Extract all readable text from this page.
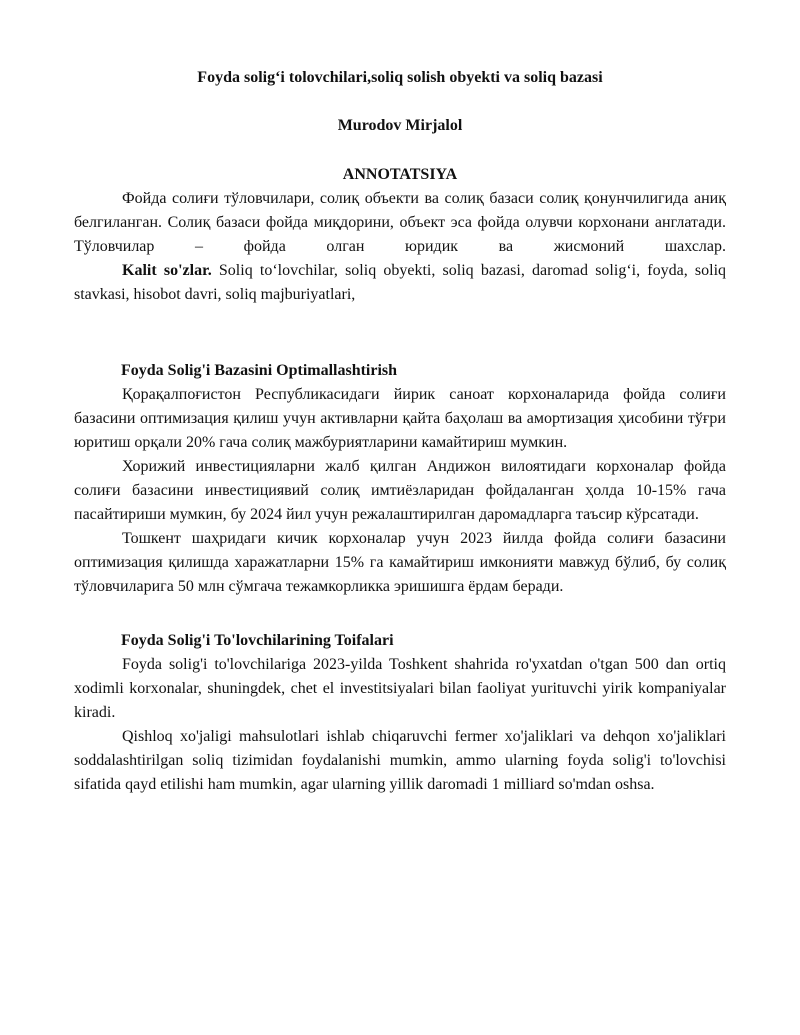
Foyda solig‘i tolovchilari,soliq solish obyekti va soliq bazasi

Murodov Mirjalol

ANNOTATSIYA

Фойда солиғи тўловчилари, солиқ объекти ва солиқ базаси солиқ қонунчилигида аниқ белгиланган. Солиқ базаси фойда миқдорини, объект эса фойда олувчи корхонани англатади. Тўловчилар – фойда олган юридик ва жисмоний шахслар.

Kalit so'zlar. Soliq to‘lovchilar, soliq obyekti, soliq bazasi, daromad solig‘i, foyda, soliq stavkasi, hisobot davri, soliq majburiyatlari,

Foyda Solig'i Bazasini Optimallashtirish

Қорақалпоғистон Республикасидаги йирик саноат корхоналарида фойда солиғи базасини оптимизация қилиш учун активларни қайта баҳолаш ва амортизация ҳисобини тўғри юритиш орқали 20% гача солиқ мажбуриятларини камайтириш мумкин.

Хорижий инвестицияларни жалб қилган Андижон вилоятидаги корхоналар фойда солиғи базасини инвестициявий солиқ имтиёзларидан фойдаланган ҳолда 10-15% гача пасайтириши мумкин, бу 2024 йил учун режалаштирилган даромадларга таъсир кўрсатади.

Тошкент шаҳридаги кичик корхоналар учун 2023 йилда фойда солиғи базасини оптимизация қилишда харажатларни 15% га камайтириш имконияти мавжуд бўлиб, бу солиқ тўловчиларига 50 млн сўмгача тежамкорликка эришишга ёрдам беради.

Foyda Solig'i To'lovchilarining Toifalari

Foyda solig'i to'lovchilariga 2023-yilda Toshkent shahrida ro'yxatdan o'tgan 500 dan ortiq xodimli korxonalar, shuningdek, chet el investitsiyalari bilan faoliyat yurituvchi yirik kompaniyalar kiradi.

Qishloq xo'jaligi mahsulotlari ishlab chiqaruvchi fermer xo'jaliklari va dehqon xo'jaliklari soddalashtirilgan soliq tizimidan foydalanishi mumkin, ammo ularning foyda solig'i to'lovchisi sifatida qayd etilishi ham mumkin, agar ularning yillik daromadi 1 milliard so'mdan oshsa.
